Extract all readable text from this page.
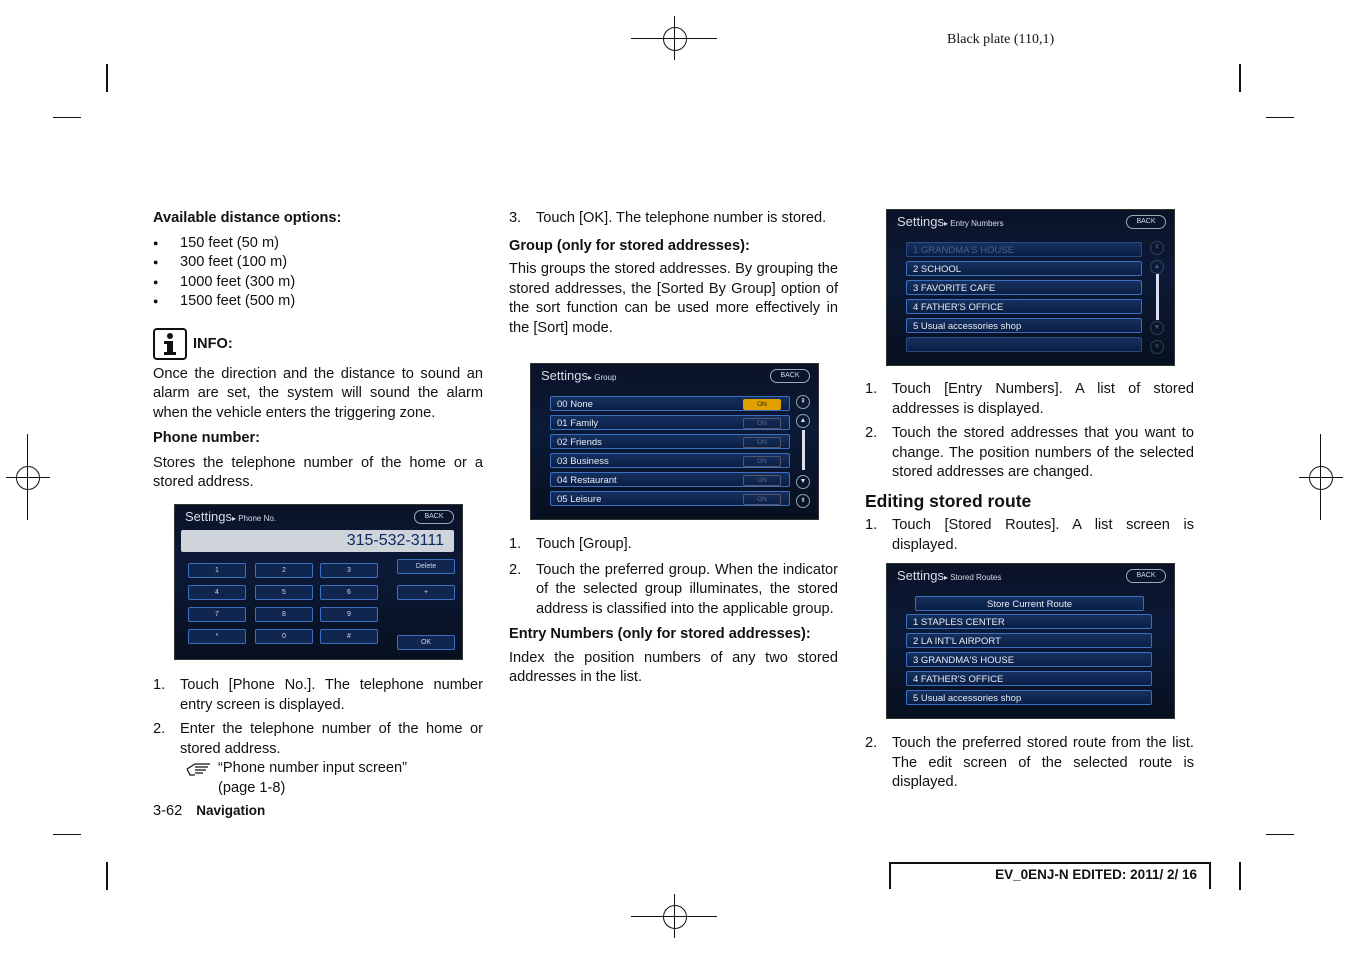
Black plate (110,1)

Available distance options:

● 150 feet (50 m)

● 300 feet (100 m)

● 1000 feet (300 m)

● 1500 feet (500 m)

INFO:

Once the direction and the distance to sound an alarm are set, the system will sound the alarm when the vehicle enters the triggering zone.

Phone number:

Stores the telephone number of the home or a stored address.

Settings▸ Phone No.	BACK
315-532-3111
1	2	3
4	5	6
7	8	9
*	0	#
Delete
+
OK

1. Touch [Phone No.]. The telephone number entry screen is displayed.

2. Enter the telephone number of the home or stored address.

“Phone number input screen”

(page 1-8)

3. Touch [OK]. The telephone number is stored.

Group (only for stored addresses):

This groups the stored addresses. By grouping the stored addresses, the [Sorted By Group] option of the sort function can be used more effectively in the [Sort] mode.

Settings▸ Group	BACK
00 None	ON
01 Family	ON
02 Friends	ON
03 Business	ON
04 Restaurant	ON
05 Leisure	ON
⇞
▲
▼
⇟

1. Touch [Group].

2. Touch the preferred group. When the indicator of the selected group illuminates, the stored address is classified into the applicable group.

Entry Numbers (only for stored addresses):

Index the position numbers of any two stored addresses in the list.

Settings▸ Entry Numbers	BACK
1 GRANDMA'S HOUSE
2 SCHOOL
3 FAVORITE CAFE
4 FATHER'S OFFICE
5 Usual accessories shop
⇞
▲
▼
⇟

1. Touch [Entry Numbers]. A list of stored addresses is displayed.

2. Touch the stored addresses that you want to change. The position numbers of the selected stored addresses are changed.

Editing stored route

1. Touch [Stored Routes]. A list screen is displayed.

Settings▸ Stored Routes	BACK
Store Current Route
1 STAPLES CENTER
2 LA INT'L AIRPORT
3 GRANDMA'S HOUSE
4 FATHER'S OFFICE
5 Usual accessories shop

2. Touch the preferred stored route from the list. The edit screen of the selected route is displayed.

3-62 Navigation
EV_0ENJ-N EDITED: 2011/ 2/ 16
